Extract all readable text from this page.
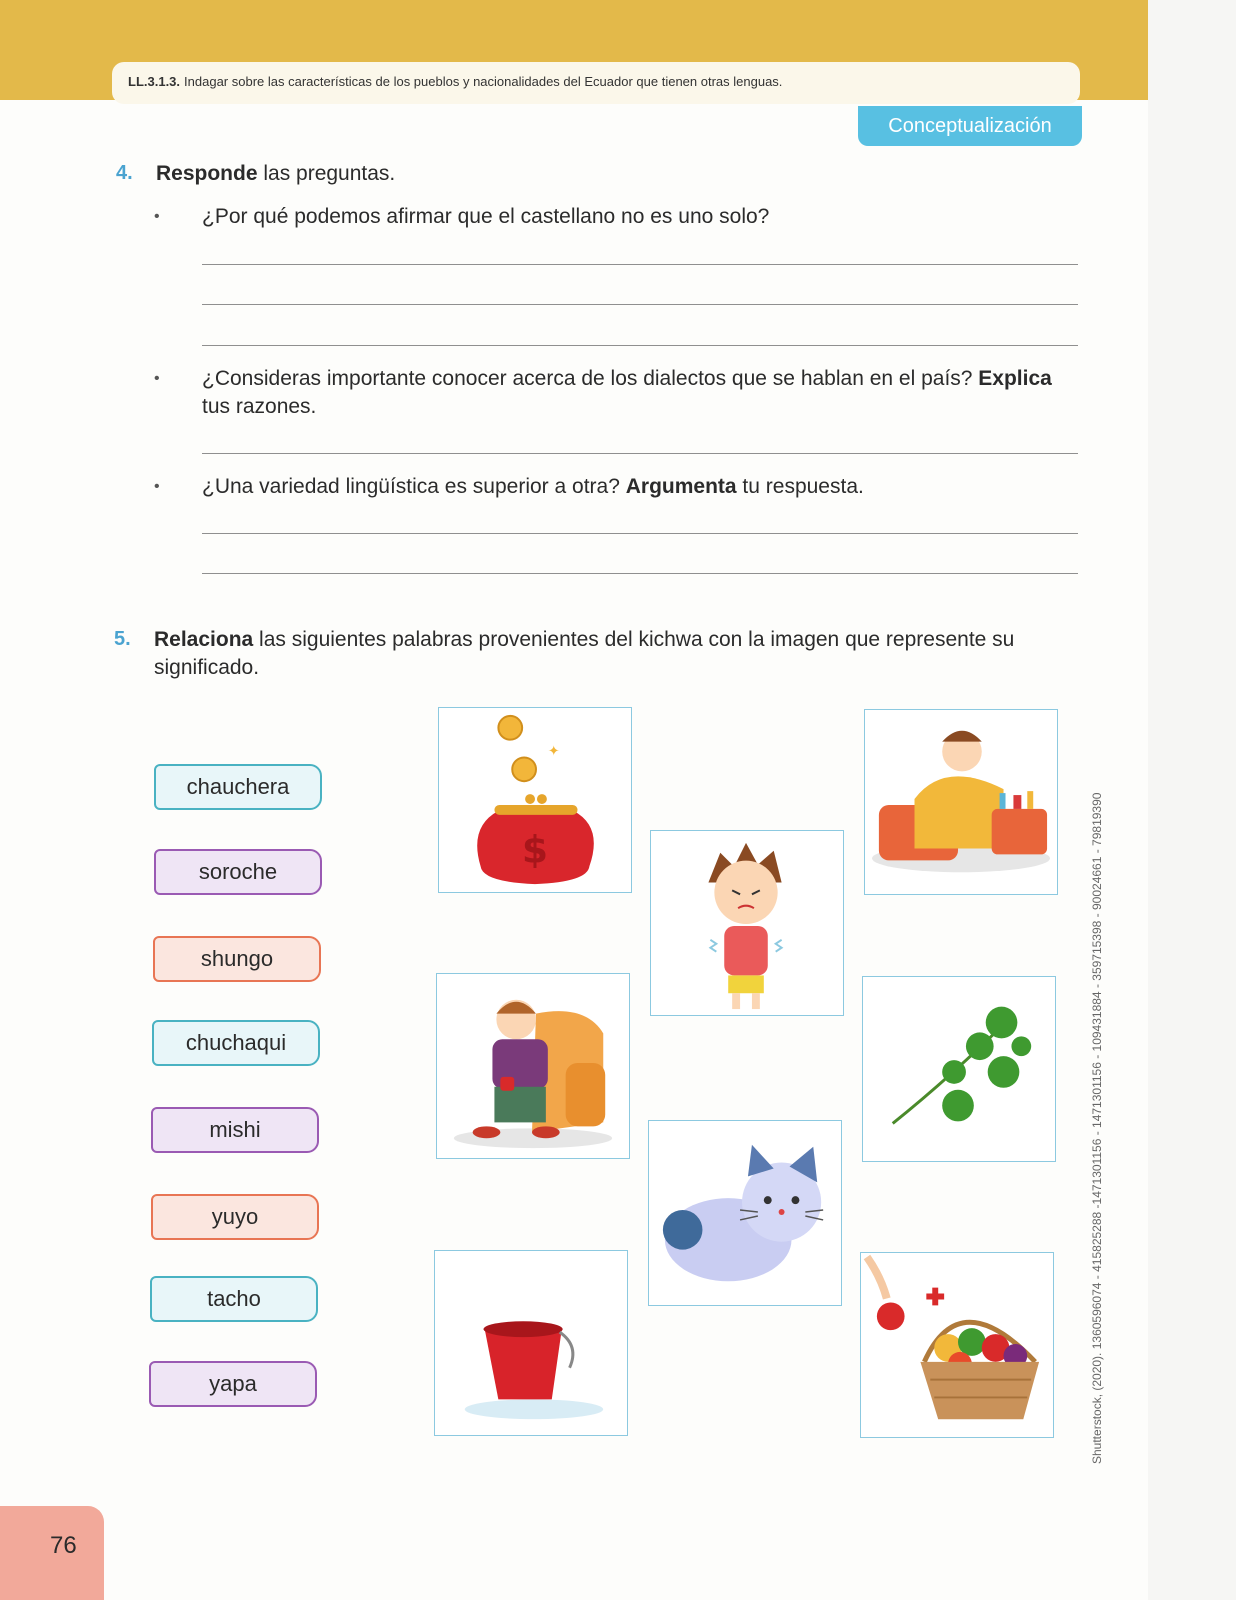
LL.3.1.3. Indagar sobre las características de los pueblos y nacionalidades del Ecuador que tienen otras lenguas.
Conceptualización
4. Responde las preguntas.
• ¿Por qué podemos afirmar que el castellano no es uno solo?
• ¿Consideras importante conocer acerca de los dialectos que se hablan en el país? Explica tus razones.
• ¿Una variedad lingüística es superior a otra? Argumenta tu respuesta.
5. Relaciona las siguientes palabras provenientes del kichwa con la imagen que represente su significado.
chauchera
soroche
shungo
chuchaqui
mishi
yuyo
tacho
yapa
✦
$
76
Shutterstock, (2020). 1360596074 - 415825288 -1471301156 - 1471301156 - 109431884 - 359715398 - 90024661 - 79819390
